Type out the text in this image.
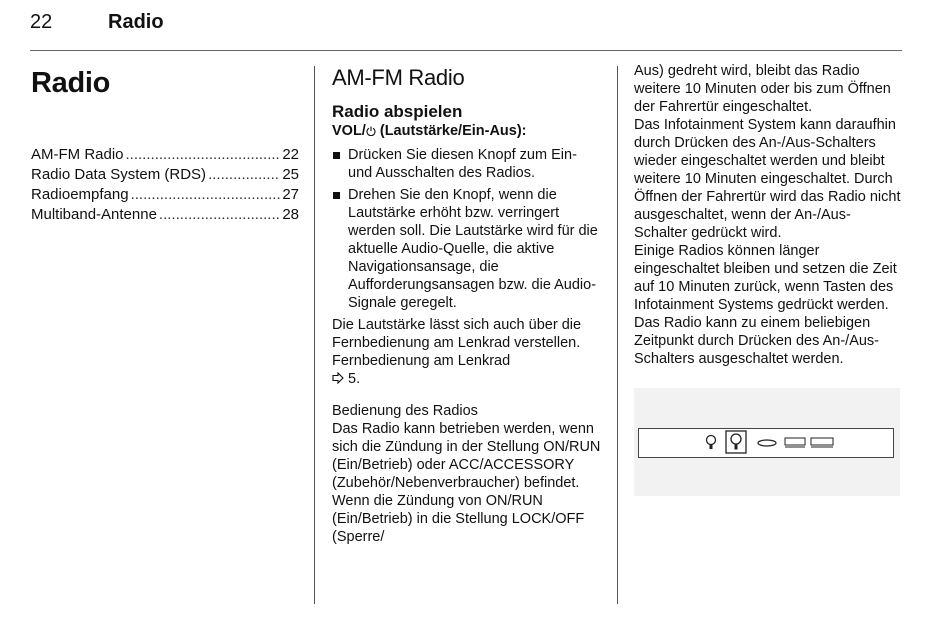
22	Radio
Radio
AM-FM Radio .....	22
Radio Data System (RDS) .....	25
Radioempfang .....	27
Multiband-Antenne .....	28
AM-FM Radio
Radio abspielen
VOL/ (Lautstärke/Ein-Aus):
Drücken Sie diesen Knopf zum Ein- und Ausschalten des Radios.
Drehen Sie den Knopf, wenn die Lautstärke erhöht bzw. verringert werden soll. Die Lautstärke wird für die aktuelle Audio-Quelle, die aktive Navigationsansage, die Aufforderungsansagen bzw. die Audio-Signale geregelt.

Die Lautstärke lässt sich auch über die Fernbedienung am Lenkrad verstellen. Fernbedienung am Lenkrad
5.

Bedienung des Radios

Das Radio kann betrieben werden, wenn sich die Zündung in der Stellung ON/RUN (Ein/Betrieb) oder ACC/ACCESSORY (Zubehör/Nebenverbraucher) befindet. Wenn die Zündung von ON/RUN (Ein/Betrieb) in die Stellung LOCK/OFF (Sperre/

Aus) gedreht wird, bleibt das Radio weitere 10 Minuten oder bis zum Öffnen der Fahrertür eingeschaltet.

Das Infotainment System kann daraufhin durch Drücken des An-/Aus-Schalters wieder eingeschaltet werden und bleibt weitere 10 Minuten eingeschaltet. Durch Öffnen der Fahrertür wird das Radio nicht ausgeschaltet, wenn der An-/Aus-Schalter gedrückt wird.

Einige Radios können länger eingeschaltet bleiben und setzen die Zeit auf 10 Minuten zurück, wenn Tasten des Infotainment Systems gedrückt werden.

Das Radio kann zu einem beliebigen Zeitpunkt durch Drücken des An-/Aus-Schalters ausgeschaltet werden.
